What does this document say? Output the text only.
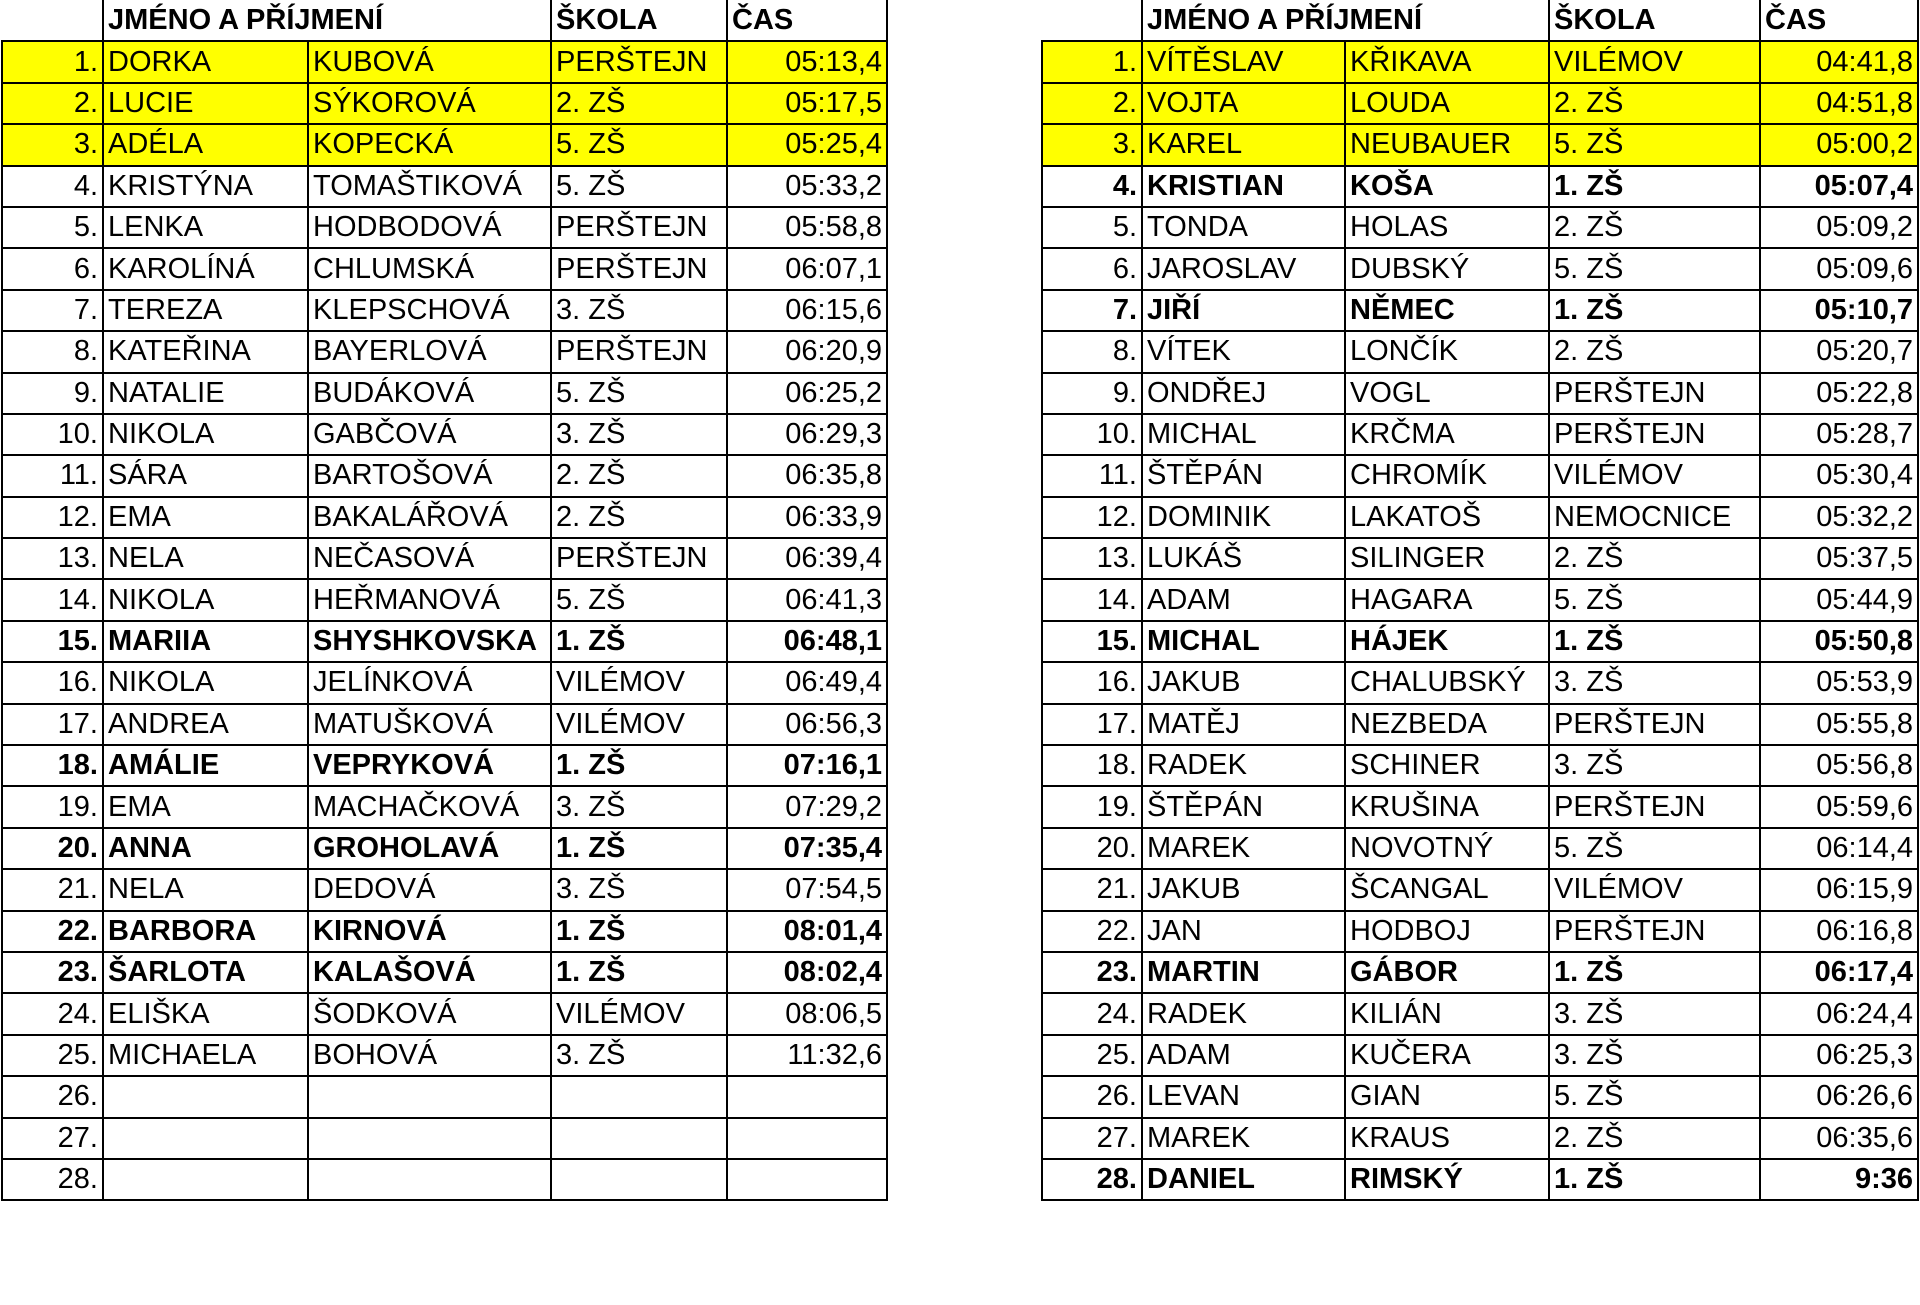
	JMÉNO A PŘÍJMENÍ		ŠKOLA	ČAS
1.	DORKA	KUBOVÁ	PERŠTEJN	05:13,4
2.	LUCIE	SÝKOROVÁ	2. ZŠ	05:17,5
3.	ADÉLA	KOPECKÁ	5. ZŠ	05:25,4
4.	KRISTÝNA	TOMAŠTIKOVÁ	5. ZŠ	05:33,2
5.	LENKA	HODBODOVÁ	PERŠTEJN	05:58,8
6.	KAROLÍNÁ	CHLUMSKÁ	PERŠTEJN	06:07,1
7.	TEREZA	KLEPSCHOVÁ	3. ZŠ	06:15,6
8.	KATEŘINA	BAYERLOVÁ	PERŠTEJN	06:20,9
9.	NATALIE	BUDÁKOVÁ	5. ZŠ	06:25,2
10.	NIKOLA	GABČOVÁ	3. ZŠ	06:29,3
11.	SÁRA	BARTOŠOVÁ	2. ZŠ	06:35,8
12.	EMA	BAKALÁŘOVÁ	2. ZŠ	06:33,9
13.	NELA	NEČASOVÁ	PERŠTEJN	06:39,4
14.	NIKOLA	HEŘMANOVÁ	5. ZŠ	06:41,3
15.	MARIIA	SHYSHKOVSKA	1. ZŠ	06:48,1
16.	NIKOLA	JELÍNKOVÁ	VILÉMOV	06:49,4
17.	ANDREA	MATUŠKOVÁ	VILÉMOV	06:56,3
18.	AMÁLIE	VEPRYKOVÁ	1. ZŠ	07:16,1
19.	EMA	MACHAČKOVÁ	3. ZŠ	07:29,2
20.	ANNA	GROHOLAVÁ	1. ZŠ	07:35,4
21.	NELA	DEDOVÁ	3. ZŠ	07:54,5
22.	BARBORA	KIRNOVÁ	1. ZŠ	08:01,4
23.	ŠARLOTA	KALAŠOVÁ	1. ZŠ	08:02,4
24.	ELIŠKA	ŠODKOVÁ	VILÉMOV	08:06,5
25.	MICHAELA	BOHOVÁ	3. ZŠ	11:32,6
26.				
27.				
28.				
	JMÉNO A PŘÍJMENÍ		ŠKOLA	ČAS
1.	VÍTĚSLAV	KŘIKAVA	VILÉMOV	04:41,8
2.	VOJTA	LOUDA	2. ZŠ	04:51,8
3.	KAREL	NEUBAUER	5. ZŠ	05:00,2
4.	KRISTIAN	KOŠA	1. ZŠ	05:07,4
5.	TONDA	HOLAS	2. ZŠ	05:09,2
6.	JAROSLAV	DUBSKÝ	5. ZŠ	05:09,6
7.	JIŘÍ	NĚMEC	1. ZŠ	05:10,7
8.	VÍTEK	LONČÍK	2. ZŠ	05:20,7
9.	ONDŘEJ	VOGL	PERŠTEJN	05:22,8
10.	MICHAL	KRČMA	PERŠTEJN	05:28,7
11.	ŠTĚPÁN	CHROMÍK	VILÉMOV	05:30,4
12.	DOMINIK	LAKATOŠ	NEMOCNICE	05:32,2
13.	LUKÁŠ	SILINGER	2. ZŠ	05:37,5
14.	ADAM	HAGARA	5. ZŠ	05:44,9
15.	MICHAL	HÁJEK	1. ZŠ	05:50,8
16.	JAKUB	CHALUBSKÝ	3. ZŠ	05:53,9
17.	MATĚJ	NEZBEDA	PERŠTEJN	05:55,8
18.	RADEK	SCHINER	3. ZŠ	05:56,8
19.	ŠTĚPÁN	KRUŠINA	PERŠTEJN	05:59,6
20.	MAREK	NOVOTNÝ	5. ZŠ	06:14,4
21.	JAKUB	ŠCANGAL	VILÉMOV	06:15,9
22.	JAN	HODBOJ	PERŠTEJN	06:16,8
23.	MARTIN	GÁBOR	1. ZŠ	06:17,4
24.	RADEK	KILIÁN	3. ZŠ	06:24,4
25.	ADAM	KUČERA	3. ZŠ	06:25,3
26.	LEVAN	GIAN	5. ZŠ	06:26,6
27.	MAREK	KRAUS	2. ZŠ	06:35,6
28.	DANIEL	RIMSKÝ	1. ZŠ	9:36
